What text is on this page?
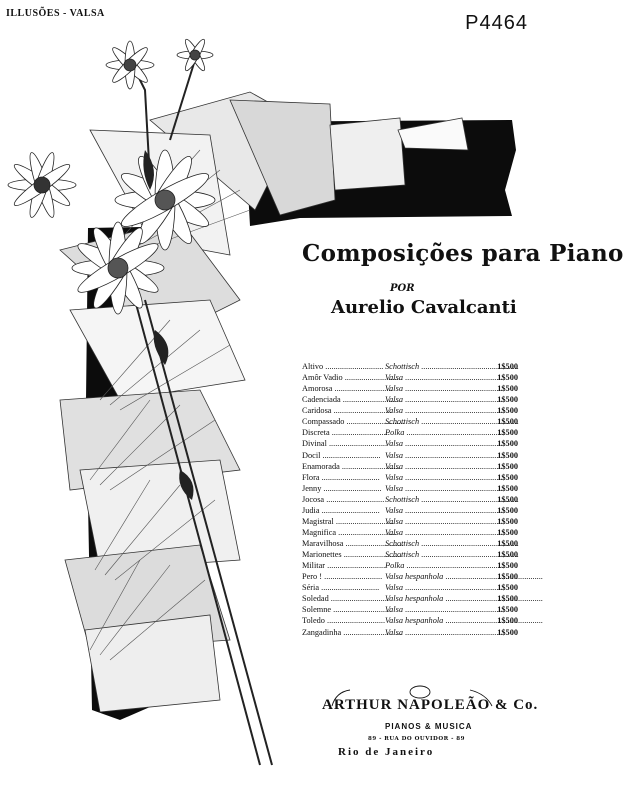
ILLUSÕES - VALSA	P4464
Composições para Piano
POR
Aurelio Cavalcanti
Altivo .....	Schottisch .....	1$500
Amôr Vadio .....	Valsa .....	1$500
Amorosa .....	Valsa .....	1$500
Cadenciada .....	Valsa .....	1$500
Caridosa .....	Valsa .....	1$500
Compassado .....	Schottisch .....	1$500
Discreta .....	Polka .....	1$500
Divinal .....	Valsa .....	1$500
Docil .....	Valsa .....	1$500
Enamorada .....	Valsa .....	1$500
Flora .....	Valsa .....	1$500
Jenny .....	Valsa .....	1$500
Jocosa .....	Schottisch .....	1$500
Judia .....	Valsa .....	1$500
Magistral .....	Valsa .....	1$500
Magnifica .....	Valsa .....	1$500
Maravilhosa .....	Schottisch .....	1$500
Marionettes .....	Schottisch .....	1$500
Militar .....	Polka .....	1$500
Pero ! .....	Valsa hespanhola .....	1$500
Séria .....	Valsa .....	1$500
Soledad .....	Valsa hespanhola .....	1$500
Solemne .....	Valsa .....	1$500
Toledo .....	Valsa hespanhola .....	1$500
Zangadinha .....	Valsa .....	1$500
ARTHUR NAPOLEÃO & Co.
PIANOS & MUSICA
89 - RUA DO OUVIDOR - 89
Rio de Janeiro
